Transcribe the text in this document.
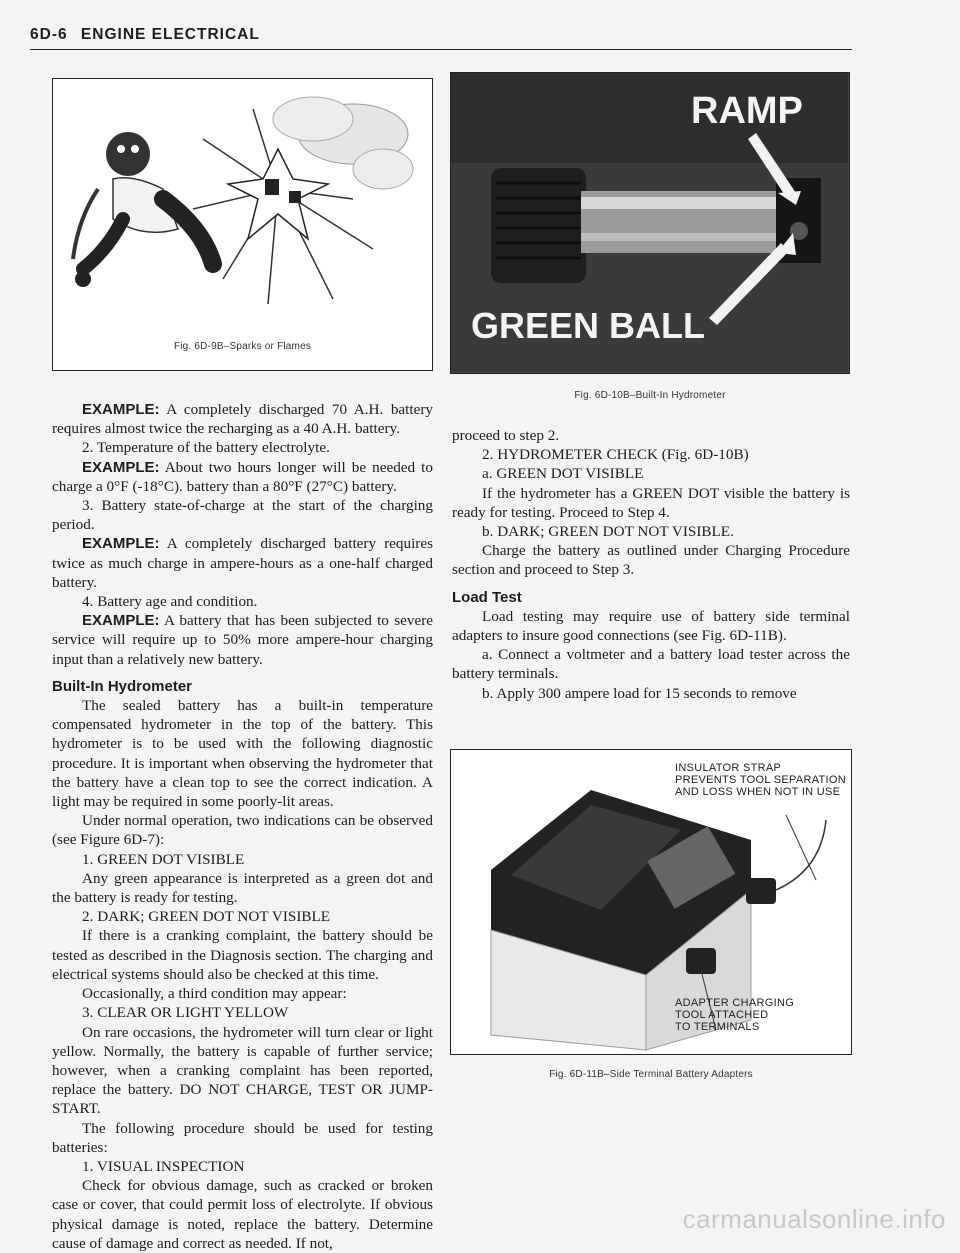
6D-6 ENGINE ELECTRICAL
Fig. 6D-9B–Sparks or Flames
RAMP
GREEN BALL
Fig. 6D-10B–Built-In Hydrometer
INSULATOR STRAP
PREVENTS TOOL SEPARATION
AND LOSS WHEN NOT IN USE
ADAPTER CHARGING
TOOL ATTACHED
TO TERMINALS
Fig. 6D-11B–Side Terminal Battery Adapters

EXAMPLE: A completely discharged 70 A.H. battery requires almost twice the recharging as a 40 A.H. battery.

2. Temperature of the battery electrolyte.

EXAMPLE: About two hours longer will be needed to charge a 0°F (-18°C). battery than a 80°F (27°C) battery.

3. Battery state-of-charge at the start of the charging period.

EXAMPLE: A completely discharged battery requires twice as much charge in ampere-hours as a one-half charged battery.

4. Battery age and condition.

EXAMPLE: A battery that has been subjected to severe service will require up to 50% more ampere-hour charging input than a relatively new battery.

Built-In Hydrometer

The sealed battery has a built-in temperature compensated hydrometer in the top of the battery. This hydrometer is to be used with the following diagnostic procedure. It is important when observing the hydrometer that the battery have a clean top to see the correct indication. A light may be required in some poorly-lit areas.

Under normal operation, two indications can be observed (see Figure 6D-7):

1. GREEN DOT VISIBLE

Any green appearance is interpreted as a green dot and the battery is ready for testing.

2. DARK; GREEN DOT NOT VISIBLE

If there is a cranking complaint, the battery should be tested as described in the Diagnosis section. The charging and electrical systems should also be checked at this time.

Occasionally, a third condition may appear:

3. CLEAR OR LIGHT YELLOW

On rare occasions, the hydrometer will turn clear or light yellow. Normally, the battery is capable of further service; however, when a cranking complaint has been reported, replace the battery. DO NOT CHARGE, TEST OR JUMP-START.

The following procedure should be used for testing batteries:

1. VISUAL INSPECTION

Check for obvious damage, such as cracked or broken case or cover, that could permit loss of electrolyte. If obvious physical damage is noted, replace the battery. Determine cause of damage and correct as needed. If not,

proceed to step 2.

2. HYDROMETER CHECK (Fig. 6D-10B)

a. GREEN DOT VISIBLE

If the hydrometer has a GREEN DOT visible the battery is ready for testing. Proceed to Step 4.

b. DARK; GREEN DOT NOT VISIBLE.

Charge the battery as outlined under Charging Procedure section and proceed to Step 3.

Load Test

Load testing may require use of battery side terminal adapters to insure good connections (see Fig. 6D-11B).

a. Connect a voltmeter and a battery load tester across the battery terminals.

b. Apply 300 ampere load for 15 seconds to remove

carmanualsonline.info
